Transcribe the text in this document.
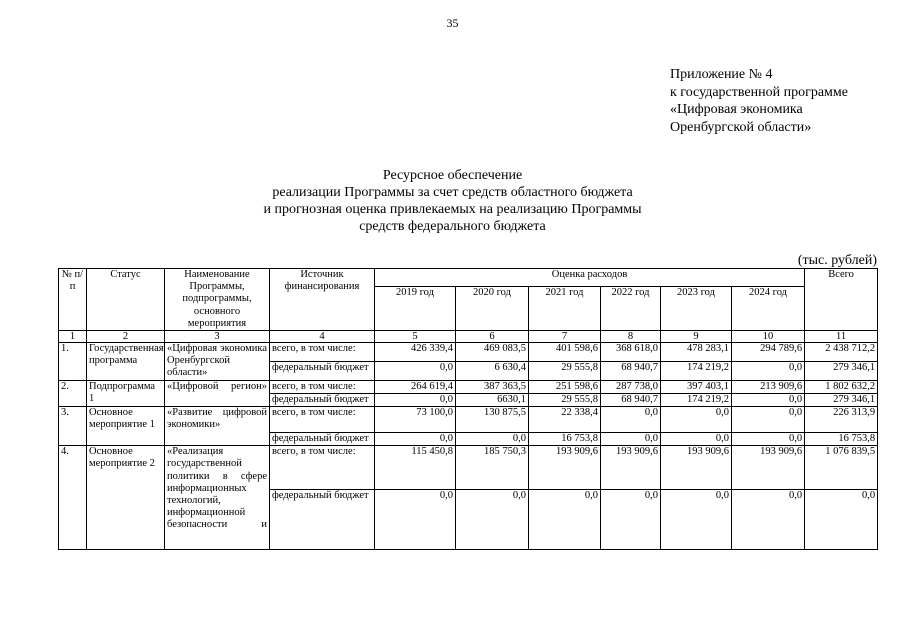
35
Приложение № 4
к государственной программе
«Цифровая экономика
Оренбургской области»
Ресурсное обеспечение
реализации Программы за счет средств областного бюджета
и прогнозная оценка привлекаемых на реализацию Программы
средств федерального бюджета
(тыс. рублей)
№ п/п	Статус	Наименование Программы, подпрограммы, основного мероприятия	Источник финансирования	Оценка расходов						Всего
				2019 год	2020 год	2021 год	2022 год	2023 год	2024 год	
1	2	3	4	5	6	7	8	9	10	11
1.	Государственная программа	«Цифровая экономика Оренбургской области»	всего, в том числе:	426 339,4	469 083,5	401 598,6	368 618,0	478 283,1	294 789,6	2 438 712,2
			федеральный бюджет	0,0	6 630,4	29 555,8	68 940,7	174 219,2	0,0	279 346,1
2.	Подпрограмма 1	«Цифровой регион»	всего, в том числе:	264 619,4	387 363,5	251 598,6	287 738,0	397 403,1	213 909,6	1 802 632,2
			федеральный бюджет	0,0	6630,1	29 555,8	68 940,7	174 219,2	0,0	279 346,1
3.	Основное мероприятие 1	«Развитие цифровой экономики»	всего, в том числе:	73 100,0	130 875,5	22 338,4	0,0	0,0	0,0	226 313,9
			федеральный бюджет	0,0	0,0	16 753,8	0,0	0,0	0,0	16 753,8
4.	Основное мероприятие 2	«Реализация государственной политики в сфере информационных технологий, информационной безопасности и	всего, в том числе:	115 450,8	185 750,3	193 909,6	193 909,6	193 909,6	193 909,6	1 076 839,5
			федеральный бюджет	0,0	0,0	0,0	0,0	0,0	0,0	0,0
